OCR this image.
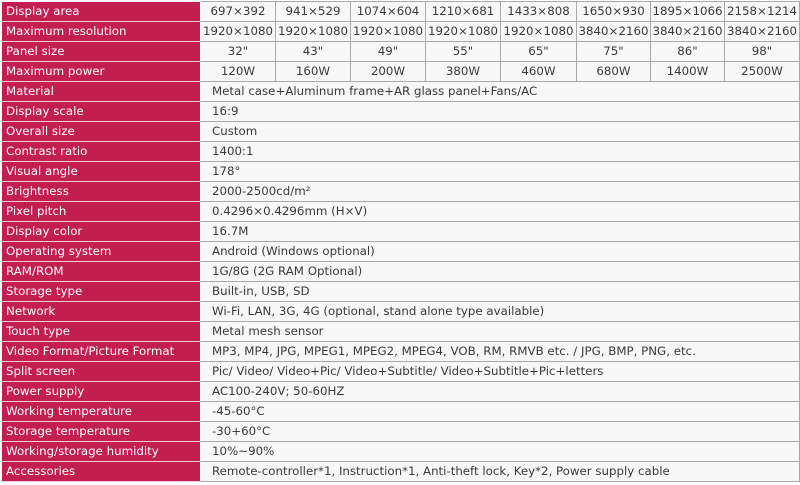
Display area	697×392	941×529	1074×604	1210×681	1433×808	1650×930	1895×1066	2158×1214
Maximum resolution	1920×1080	1920×1080	1920×1080	1920×1080	1920×1080	3840×2160	3840×2160	3840×2160
Panel size	32"	43"	49"	55"	65"	75"	86"	98"
Maximum power	120W	160W	200W	380W	460W	680W	1400W	2500W
Material	Metal case+Aluminum frame+AR glass panel+Fans/AC							
Display scale	16:9							
Overall size	Custom							
Contrast ratio	1400:1							
Visual angle	178°							
Brightness	2000-2500cd/m²							
Pixel pitch	0.4296×0.4296mm (H×V)							
Display color	16.7M							
Operating system	Android (Windows optional)							
RAM/ROM	1G/8G (2G RAM Optional)							
Storage type	Built-in, USB, SD							
Network	Wi-Fi, LAN, 3G, 4G (optional, stand alone type available)							
Touch type	Metal mesh sensor							
Video Format/Picture Format	MP3, MP4, JPG, MPEG1, MPEG2, MPEG4, VOB, RM, RMVB etc. / JPG, BMP, PNG, etc.							
Split screen	Pic/ Video/ Video+Pic/ Video+Subtitle/ Video+Subtitle+Pic+letters							
Power supply	AC100-240V; 50-60HZ							
Working temperature	-45-60°C							
Storage temperature	-30+60°C							
Working/storage humidity	10%~90%							
Accessories	Remote-controller*1, Instruction*1, Anti-theft lock, Key*2, Power supply cable							
